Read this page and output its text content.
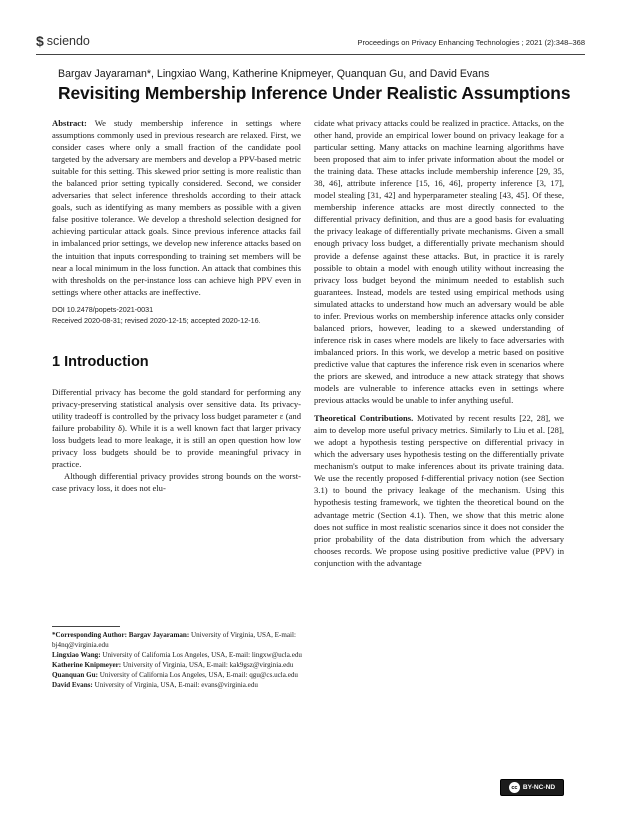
$ sciendo	Proceedings on Privacy Enhancing Technologies ; 2021 (2):348–368
Bargav Jayaraman*, Lingxiao Wang, Katherine Knipmeyer, Quanquan Gu, and David Evans
Revisiting Membership Inference Under Realistic Assumptions

Abstract: We study membership inference in settings where assumptions commonly used in previous research are relaxed. First, we consider cases where only a small fraction of the candidate pool targeted by the adversary are members and develop a PPV-based metric suitable for this setting. This skewed prior setting is more realistic than the balanced prior setting typically considered. Second, we consider adversaries that select inference thresholds according to their attack goals, such as identifying as many members as possible with a given false positive tolerance. We develop a threshold selection designed for achieving particular attack goals. Since previous inference attacks fail in imbalanced prior settings, we develop new inference attacks based on the intuition that inputs corresponding to training set members will be near a local minimum in the loss function. An attack that combines this with thresholds on the per-instance loss can achieve high PPV even in settings where other attacks are ineffective.

DOI 10.2478/popets-2021-0031
Received 2020-08-31; revised 2020-12-15; accepted 2020-12-16.
1 Introduction

Differential privacy has become the gold standard for performing any privacy-preserving statistical analysis over sensitive data. Its privacy-utility tradeoff is controlled by the privacy loss budget parameter ε (and failure probability δ). While it is a well known fact that larger privacy loss budgets lead to more leakage, it is still an open question how low privacy loss budgets should be to provide meaningful privacy in practice.

Although differential privacy provides strong bounds on the worst-case privacy loss, it does not elu-

cidate what privacy attacks could be realized in practice. Attacks, on the other hand, provide an empirical lower bound on privacy leakage for a particular setting. Many attacks on machine learning algorithms have been proposed that aim to infer private information about the model or the training data. These attacks include membership inference [29, 35, 38, 46], attribute inference [15, 16, 46], property inference [3, 17], model stealing [31, 42] and hyperparameter stealing [43, 45]. Of these, membership inference attacks are most directly connected to the differential privacy definition, and thus are a good basis for evaluating the privacy leakage of differentially private mechanisms. Given a small enough privacy loss budget, a differentially private mechanism should provide a defense against these attacks. But, in practice it is rarely possible to obtain a model with enough utility without increasing the privacy loss budget beyond the minimum needed to establish such guarantees. Instead, models are tested using empirical methods using simulated attacks to understand how much an adversary would be able to infer. Previous works on membership inference attacks only consider balanced priors, however, leading to a skewed understanding of inference risk in cases where models are likely to face adversaries with imbalanced priors. In this work, we develop a metric based on positive predictive value that captures the inference risk even in scenarios where the priors are skewed, and introduce a new attack strategy that shows models are vulnerable to inference attacks even in settings where previous attacks would be unable to infer anything useful.

Theoretical Contributions. Motivated by recent results [22, 28], we aim to develop more useful privacy metrics. Similarly to Liu et al. [28], we adopt a hypothesis testing perspective on differential privacy in which the adversary uses hypothesis testing on the differentially private mechanism's output to make inferences about its private training data. We use the recently proposed f-differential privacy notion (see Section 3.1) to bound the privacy leakage of the mechanism. Using this hypothesis testing framework, we tighten the theoretical bound on the advantage metric (Section 4.1). Then, we show that this metric alone does not suffice in most realistic scenarios since it does not consider the prior probability of the data distribution from which the adversary chooses records. We propose using positive predictive value (PPV) in conjunction with the advantage

*Corresponding Author: Bargav Jayaraman: University of Virginia, USA, E-mail: bj4nq@virginia.edu

Lingxiao Wang: University of California Los Angeles, USA, E-mail: lingxw@ucla.edu

Katherine Knipmeyer: University of Virginia, USA, E-mail: kak9gsz@virginia.edu

Quanquan Gu: University of California Los Angeles, USA, E-mail: qgu@cs.ucla.edu

David Evans: University of Virginia, USA, E-mail: evans@virginia.edu

cc BY-NC-ND
